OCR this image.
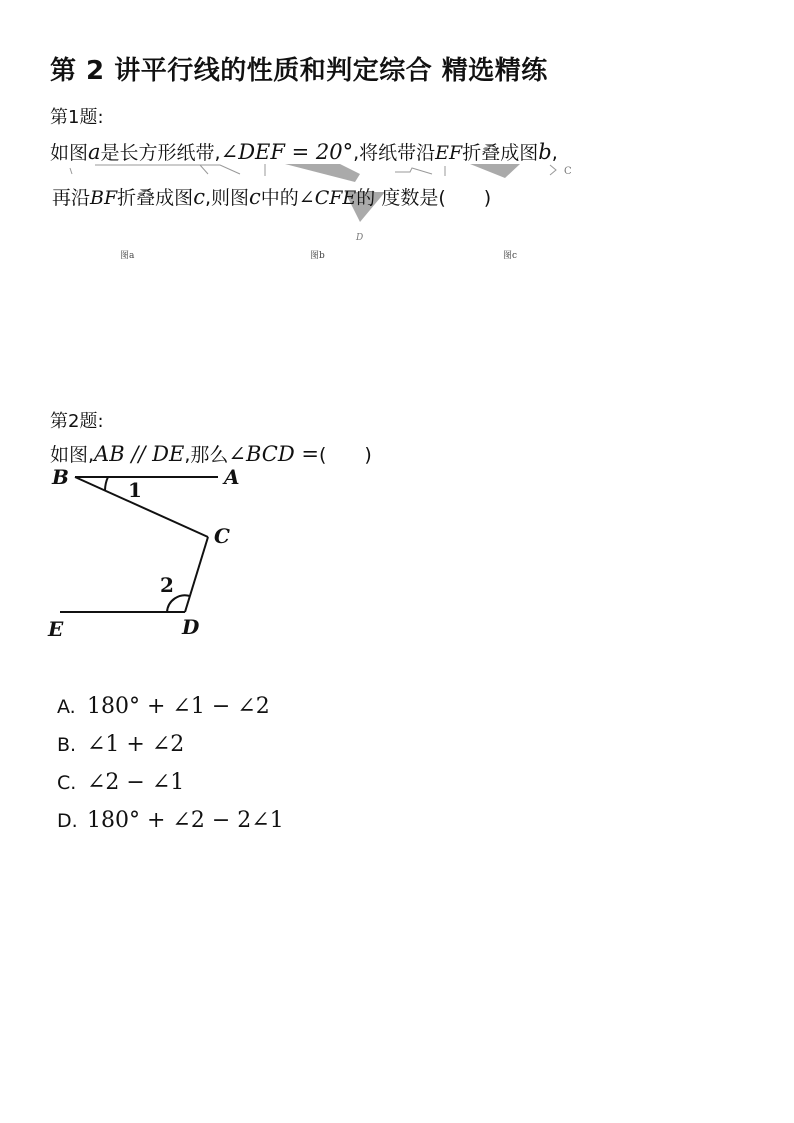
第 2 讲平行线的性质和判定综合 精选精练
第1题:
如图a是长方形纸带,∠DEF = 20°,将纸带沿EF折叠成图b,
C
D
再沿BF折叠成图c,则图c中的∠CFE的 度数是(　　)
图a	图b	图c
第2题:
如图,AB // DE,那么∠BCD =(　　)
B	A
C
D
E
1
2
A. 180° + ∠1 − ∠2
B. ∠1 + ∠2
C. ∠2 − ∠1
D. 180° + ∠2 − 2∠1
